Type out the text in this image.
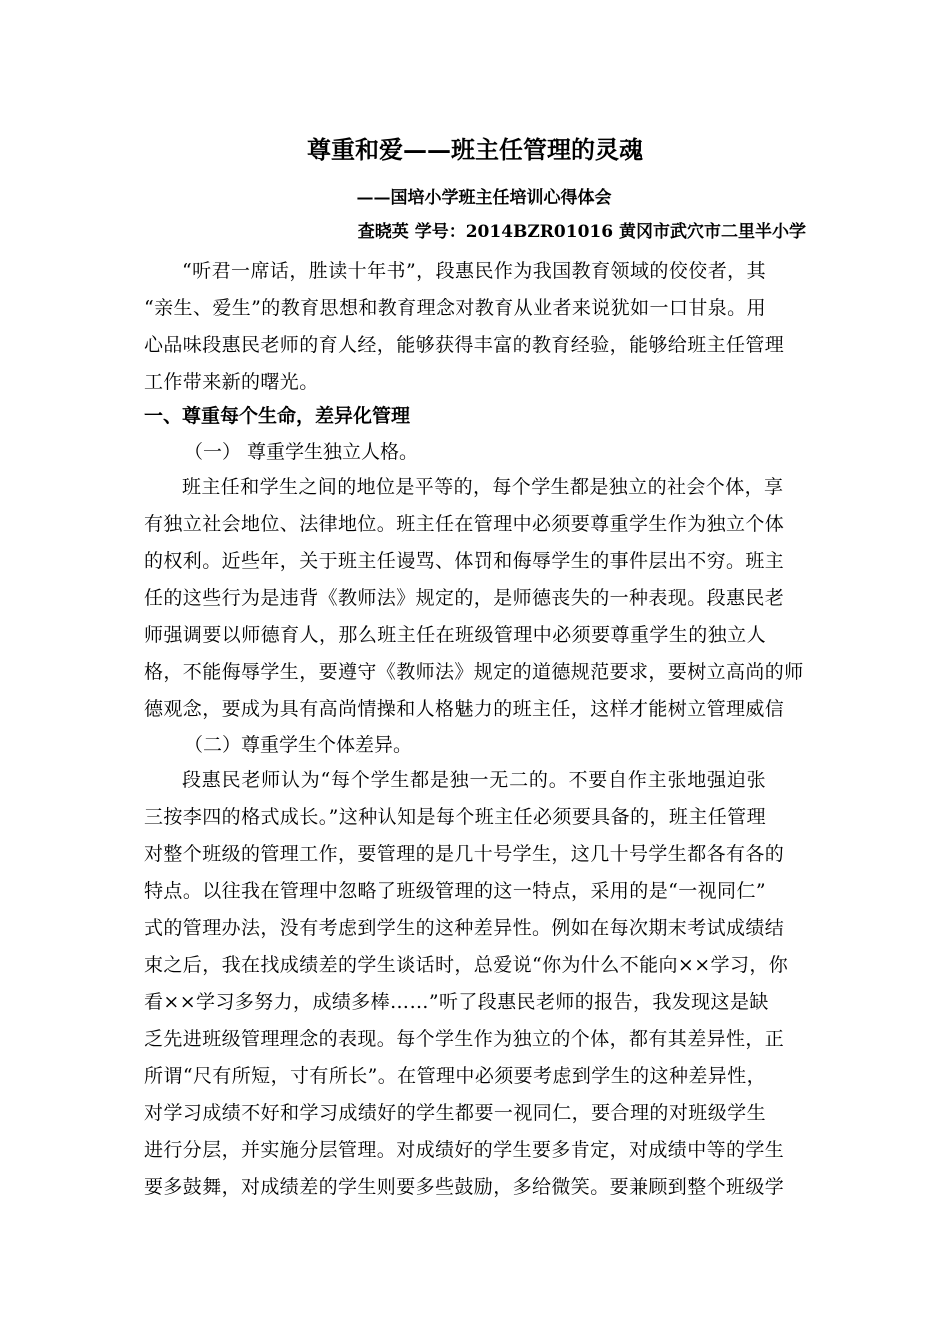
尊重和爱——班主任管理的灵魂
——国培小学班主任培训心得体会
查晓英 学号：2014BZR01016 黄冈市武穴市二里半小学
“听君一席话，胜读十年书”，段惠民作为我国教育领域的佼佼者，其
“亲生、爱生”的教育思想和教育理念对教育从业者来说犹如一口甘泉。用
心品味段惠民老师的育人经，能够获得丰富的教育经验，能够给班主任管理
工作带来新的曙光。
一、尊重每个生命，差异化管理
（一） 尊重学生独立人格。
班主任和学生之间的地位是平等的，每个学生都是独立的社会个体，享
有独立社会地位、法律地位。班主任在管理中必须要尊重学生作为独立个体
的权利。近些年，关于班主任谩骂、体罚和侮辱学生的事件层出不穷。班主
任的这些行为是违背《教师法》规定的，是师德丧失的一种表现。段惠民老
师强调要以师德育人，那么班主任在班级管理中必须要尊重学生的独立人
格，不能侮辱学生，要遵守《教师法》规定的道德规范要求，要树立高尚的师
德观念，要成为具有高尚情操和人格魅力的班主任，这样才能树立管理威信
（二）尊重学生个体差异。
段惠民老师认为“每个学生都是独一无二的。不要自作主张地强迫张
三按李四的格式成长。”这种认知是每个班主任必须要具备的，班主任管理
对整个班级的管理工作，要管理的是几十号学生，这几十号学生都各有各的
特点。以往我在管理中忽略了班级管理的这一特点，采用的是“一视同仁”
式的管理办法，没有考虑到学生的这种差异性。例如在每次期末考试成绩结
束之后，我在找成绩差的学生谈话时，总爱说“你为什么不能向××学习，你
看××学习多努力，成绩多棒……”听了段惠民老师的报告，我发现这是缺
乏先进班级管理理念的表现。每个学生作为独立的个体，都有其差异性，正
所谓“尺有所短，寸有所长”。在管理中必须要考虑到学生的这种差异性，
对学习成绩不好和学习成绩好的学生都要一视同仁，要合理的对班级学生
进行分层，并实施分层管理。对成绩好的学生要多肯定，对成绩中等的学生
要多鼓舞，对成绩差的学生则要多些鼓励，多给微笑。要兼顾到整个班级学
